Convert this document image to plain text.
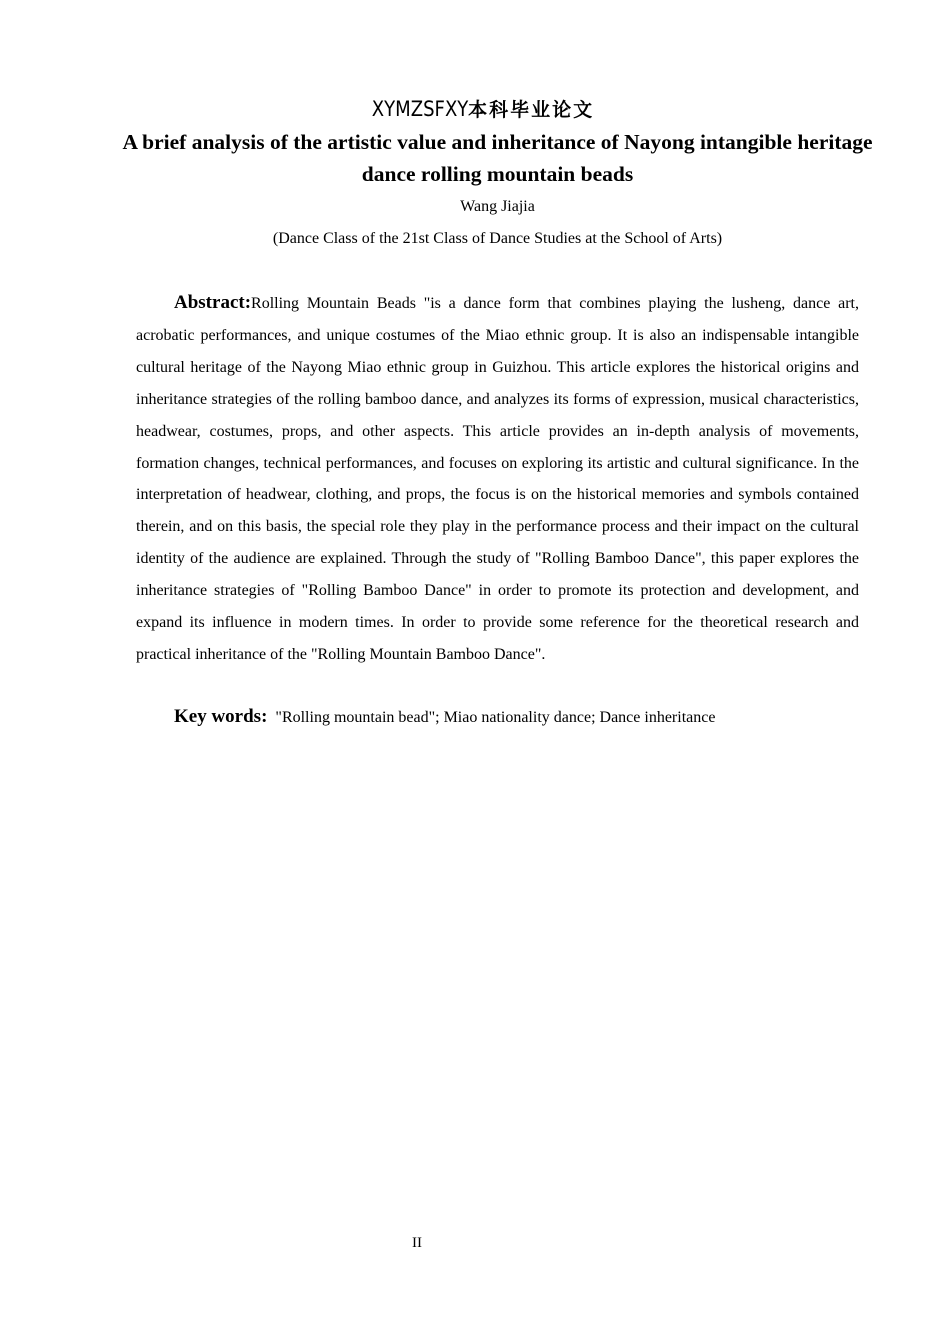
XYMZSFXY本科毕业论文
A brief analysis of the artistic value and inheritance of Nayong intangible heritage dance rolling mountain beads
Wang Jiajia
(Dance Class of the 21st Class of Dance Studies at the School of Arts)

Abstract:Rolling Mountain Beads "is a dance form that combines playing the lusheng, dance art, acrobatic performances, and unique costumes of the Miao ethnic group. It is also an indispensable intangible cultural heritage of the Nayong Miao ethnic group in Guizhou. This article explores the historical origins and inheritance strategies of the rolling bamboo dance, and analyzes its forms of expression, musical characteristics, headwear, costumes, props, and other aspects. This article provides an in-depth analysis of movements, formation changes, technical performances, and focuses on exploring its artistic and cultural significance. In the interpretation of headwear, clothing, and props, the focus is on the historical memories and symbols contained therein, and on this basis, the special role they play in the performance process and their impact on the cultural identity of the audience are explained. Through the study of "Rolling Bamboo Dance", this paper explores the inheritance strategies of "Rolling Bamboo Dance" in order to promote its protection and development, and expand its influence in modern times. In order to provide some reference for the theoretical research and practical inheritance of the "Rolling Mountain Bamboo Dance".

Key words: "Rolling mountain bead"; Miao nationality dance; Dance inheritance

II
